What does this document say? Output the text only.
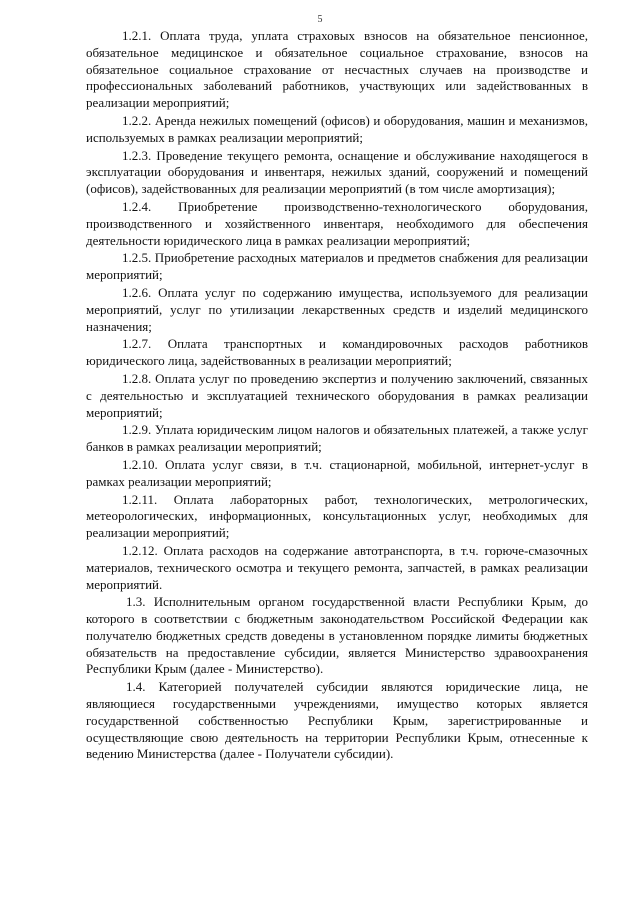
5

1.2.1. Оплата труда, уплата страховых взносов на обязательное пенсионное, обязательное медицинское и обязательное социальное страхование, взносов на обязательное социальное страхование от несчастных случаев на производстве и профессиональных заболеваний работников, участвующих или задействованных в реализации мероприятий;

1.2.2. Аренда нежилых помещений (офисов) и оборудования, машин и механизмов, используемых в рамках реализации мероприятий;

1.2.3. Проведение текущего ремонта, оснащение и обслуживание находящегося в эксплуатации оборудования и инвентаря, нежилых зданий, сооружений и помещений (офисов), задействованных для реализации мероприятий (в том числе амортизация);

1.2.4. Приобретение производственно-технологического оборудования, производственного и хозяйственного инвентаря, необходимого для обеспечения деятельности юридического лица в рамках реализации мероприятий;

1.2.5. Приобретение расходных материалов и предметов снабжения для реализации мероприятий;

1.2.6. Оплата услуг по содержанию имущества, используемого для реализации мероприятий, услуг по утилизации лекарственных средств и изделий медицинского назначения;

1.2.7. Оплата транспортных и командировочных расходов работников юридического лица, задействованных в реализации мероприятий;

1.2.8. Оплата услуг по проведению экспертиз и получению заключений, связанных с деятельностью и эксплуатацией технического оборудования в рамках реализации мероприятий;

1.2.9. Уплата юридическим лицом налогов и обязательных платежей, а также услуг банков в рамках реализации мероприятий;

1.2.10. Оплата услуг связи, в т.ч. стационарной, мобильной, интернет-услуг в рамках реализации мероприятий;

1.2.11. Оплата лабораторных работ, технологических, метрологических, метеорологических, информационных, консультационных услуг, необходимых для реализации мероприятий;

1.2.12. Оплата расходов на содержание автотранспорта, в т.ч. горюче-смазочных материалов, технического осмотра и текущего ремонта, запчастей, в рамках реализации мероприятий.

1.3. Исполнительным органом государственной власти Республики Крым, до которого в соответствии с бюджетным законодательством Российской Федерации как получателю бюджетных средств доведены в установленном порядке лимиты бюджетных обязательств на предоставление субсидии, является Министерство здравоохранения Республики Крым (далее - Министерство).

1.4. Категорией получателей субсидии являются юридические лица, не являющиеся государственными учреждениями, имущество которых является государственной собственностью Республики Крым, зарегистрированные и осуществляющие свою деятельность на территории Республики Крым, отнесенные к ведению Министерства (далее - Получатели субсидии).
